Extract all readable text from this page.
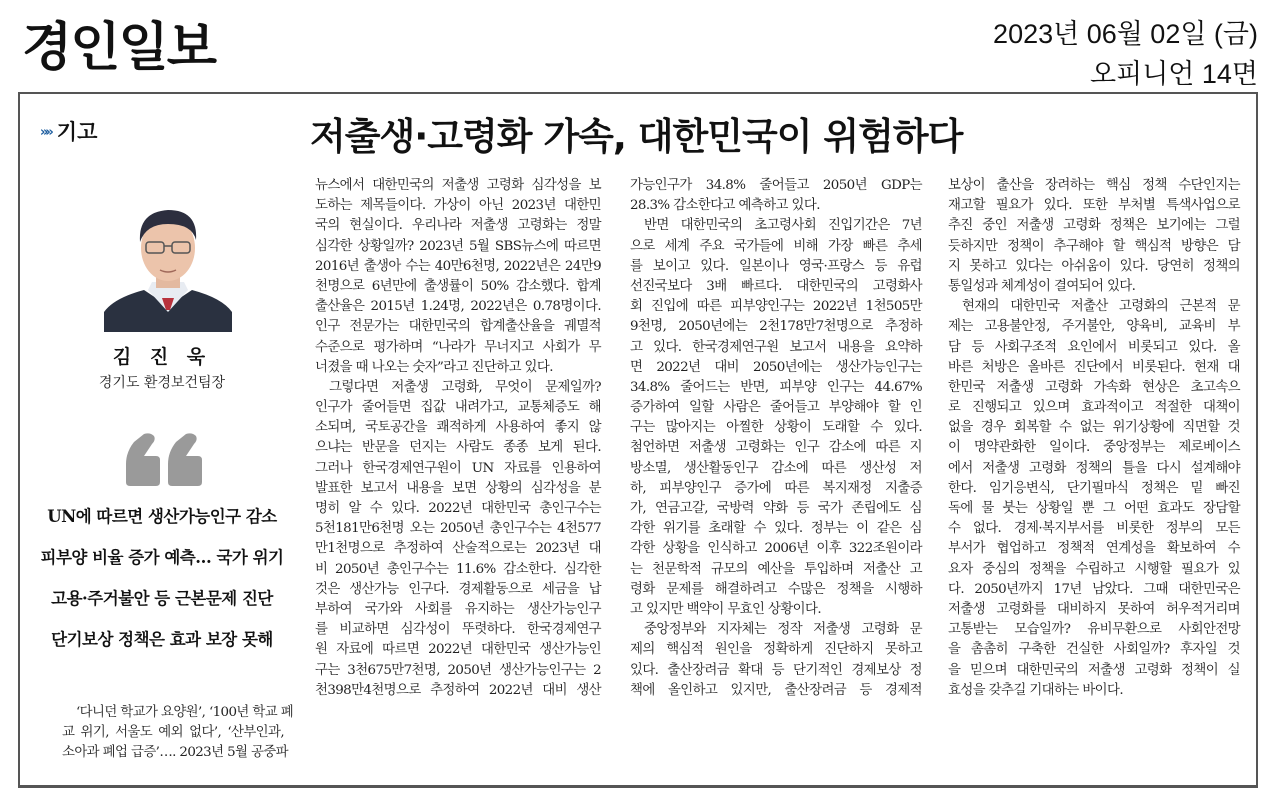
경인일보	2023년 06월 02일 (금)
오피니언 14면
»» 기고	저출생·고령화 가속, 대한민국이 위험하다
김 진 욱
경기도 환경보건팀장
UN에 따르면 생산가능인구 감소
피부양 비율 증가 예측… 국가 위기
고용·주거불안 등 근본문제 진단
단기보상 정책은 효과 보장 못해
‘다니던 학교가 요양원’, ‘100년 학교 폐
교 위기, 서울도 예외 없다’, ‘산부인과,
소아과 폐업 급증’…. 2023년 5월 공중파
뉴스에서 대한민국의 저출생 고령화 심각성을 보
도하는 제목들이다. 가상이 아닌 2023년 대한민
국의 현실이다. 우리나라 저출생 고령화는 정말
심각한 상황일까? 2023년 5월 SBS뉴스에 따르면
2016년 출생아 수는 40만6천명, 2022년은 24만9
천명으로 6년만에 출생률이 50% 감소했다. 합계
출산율은 2015년 1.24명, 2022년은 0.78명이다.
인구 전문가는 대한민국의 합계출산율을 궤멸적
수준으로 평가하며 “나라가 무너지고 사회가 무
너졌을 때 나오는 숫자”라고 진단하고 있다.
그렇다면 저출생 고령화, 무엇이 문제일까?
인구가 줄어들면 집값 내려가고, 교통체증도 해
소되며, 국토공간을 쾌적하게 사용하여 좋지 않
으냐는 반문을 던지는 사람도 종종 보게 된다.
그러나 한국경제연구원이 UN 자료를 인용하여
발표한 보고서 내용을 보면 상황의 심각성을 분
명히 알 수 있다. 2022년 대한민국 총인구수는
5천181만6천명 오는 2050년 총인구수는 4천577
만1천명으로 추정하여 산술적으로는 2023년 대
비 2050년 총인구수는 11.6% 감소한다. 심각한
것은 생산가능 인구다. 경제활동으로 세금을 납
부하여 국가와 사회를 유지하는 생산가능인구
를 비교하면 심각성이 뚜렷하다. 한국경제연구
원 자료에 따르면 2022년 대한민국 생산가능인
구는 3천675만7천명, 2050년 생산가능인구는 2
천398만4천명으로 추정하여 2022년 대비 생산
가능인구가 34.8% 줄어들고 2050년 GDP는
28.3% 감소한다고 예측하고 있다.
반면 대한민국의 초고령사회 진입기간은 7년
으로 세계 주요 국가들에 비해 가장 빠른 추세
를 보이고 있다. 일본이나 영국·프랑스 등 유럽
선진국보다 3배 빠르다. 대한민국의 고령화사
회 진입에 따른 피부양인구는 2022년 1천505만
9천명, 2050년에는 2천178만7천명으로 추정하
고 있다. 한국경제연구원 보고서 내용을 요약하
면 2022년 대비 2050년에는 생산가능인구는
34.8% 줄어드는 반면, 피부양 인구는 44.67%
증가하여 일할 사람은 줄어들고 부양해야 할 인
구는 많아지는 아찔한 상황이 도래할 수 있다.
첨언하면 저출생 고령화는 인구 감소에 따른 지
방소멸, 생산활동인구 감소에 따른 생산성 저
하, 피부양인구 증가에 따른 복지재정 지출증
가, 연금고갈, 국방력 약화 등 국가 존립에도 심
각한 위기를 초래할 수 있다. 정부는 이 같은 심
각한 상황을 인식하고 2006년 이후 322조원이라
는 천문학적 규모의 예산을 투입하며 저출산 고
령화 문제를 해결하려고 수많은 정책을 시행하
고 있지만 백약이 무효인 상황이다.
중앙정부와 지자체는 정작 저출생 고령화 문
제의 핵심적 원인을 정확하게 진단하지 못하고
있다. 출산장려금 확대 등 단기적인 경제보상 정
책에 올인하고 있지만, 출산장려금 등 경제적
보상이 출산을 장려하는 핵심 정책 수단인지는
재고할 필요가 있다. 또한 부처별 특색사업으로
추진 중인 저출생 고령화 정책은 보기에는 그럴
듯하지만 정책이 추구해야 할 핵심적 방향은 담
지 못하고 있다는 아쉬움이 있다. 당연히 정책의
통일성과 체계성이 결여되어 있다.
현재의 대한민국 저출산 고령화의 근본적 문
제는 고용불안정, 주거불안, 양육비, 교육비 부
담 등 사회구조적 요인에서 비롯되고 있다. 올
바른 처방은 올바른 진단에서 비롯된다. 현재 대
한민국 저출생 고령화 가속화 현상은 초고속으
로 진행되고 있으며 효과적이고 적절한 대책이
없을 경우 회복할 수 없는 위기상황에 직면할 것
이 명약관화한 일이다. 중앙정부는 제로베이스
에서 저출생 고령화 정책의 틀을 다시 설계해야
한다. 임기응변식, 단기필마식 정책은 밑 빠진
독에 물 붓는 상황일 뿐 그 어떤 효과도 장담할
수 없다. 경제·복지부서를 비롯한 정부의 모든
부서가 협업하고 정책적 연계성을 확보하여 수
요자 중심의 정책을 수립하고 시행할 필요가 있
다. 2050년까지 17년 남았다. 그때 대한민국은
저출생 고령화를 대비하지 못하여 허우적거리며
고통받는 모습일까? 유비무환으로 사회안전망
을 촘촘히 구축한 건실한 사회일까? 후자일 것
을 믿으며 대한민국의 저출생 고령화 정책이 실
효성을 갖추길 기대하는 바이다.
